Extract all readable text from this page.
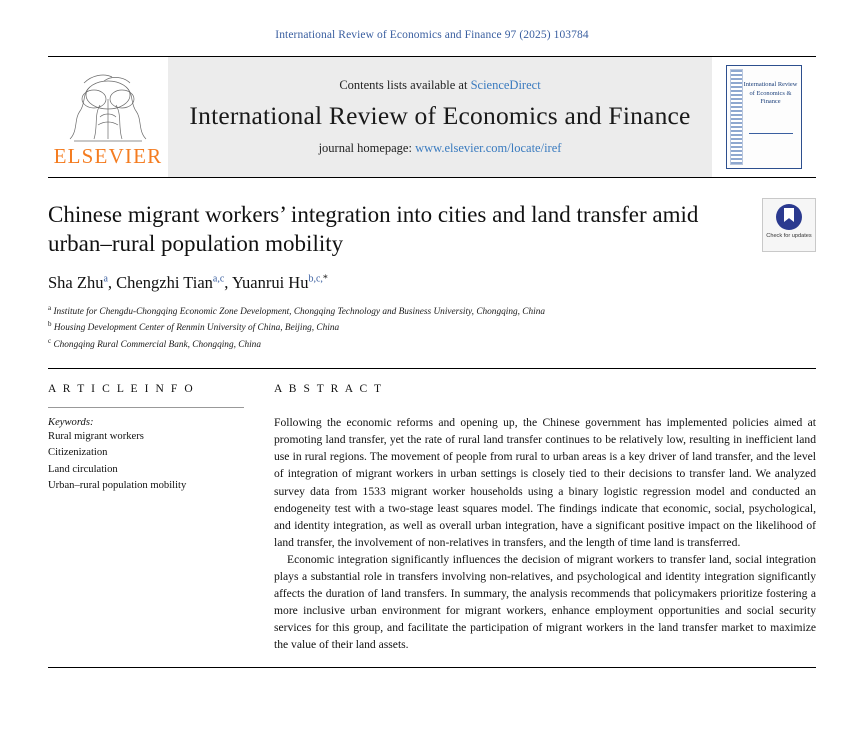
International Review of Economics and Finance 97 (2025) 103784
ELSEVIER
Contents lists available at ScienceDirect
International Review of Economics and Finance
journal homepage: www.elsevier.com/locate/iref
International Review of Economics & Finance
Chinese migrant workers’ integration into cities and land transfer amid urban–rural population mobility	Check for updates
Sha Zhu$^a$, Chengzhi Tian$^{a,c}$, Yuanrui $Hu^{b,c,*}$
$^a$ Institute for Chengdu-Chongqing Economic Zone Development, Chongqing Technology and Business University, Chongqing, China
$^b$ Housing Development Center of Renmin University of China, Beijing, China
$^c$ Chongqing Rural Commercial Bank, Chongqing, China
A R T I C L E I N F O
Keywords:
Rural migrant workers
Citizenization
Land circulation
Urban–rural population mobility
A B S T R A C T

Following the economic reforms and opening up, the Chinese government has implemented policies aimed at promoting land transfer, yet the rate of rural land transfer continues to be relatively low, resulting in inefficient land use in rural regions. The movement of people from rural to urban areas is a key driver of land transfer, and the level of integration of migrant workers in urban settings is closely tied to their decisions to transfer land. We analyzed survey data from 1533 migrant worker households using a binary logistic regression model and conducted an endogeneity test with a two-stage least squares model. The findings indicate that economic, social, psychological, and identity integration, as well as overall urban integration, have a significant positive impact on the likelihood of land transfer, the involvement of non-relatives in transfers, and the length of time land is transferred.

Economic integration significantly influences the decision of migrant workers to transfer land, social integration plays a substantial role in transfers involving non-relatives, and psychological and identity integration significantly affects the duration of land transfers. In summary, the analysis recommends that policymakers prioritize fostering a more inclusive urban environment for migrant workers, enhance employment opportunities and social security services for this group, and facilitate the participation of migrant workers in the land transfer market to maximize the value of their land assets.
